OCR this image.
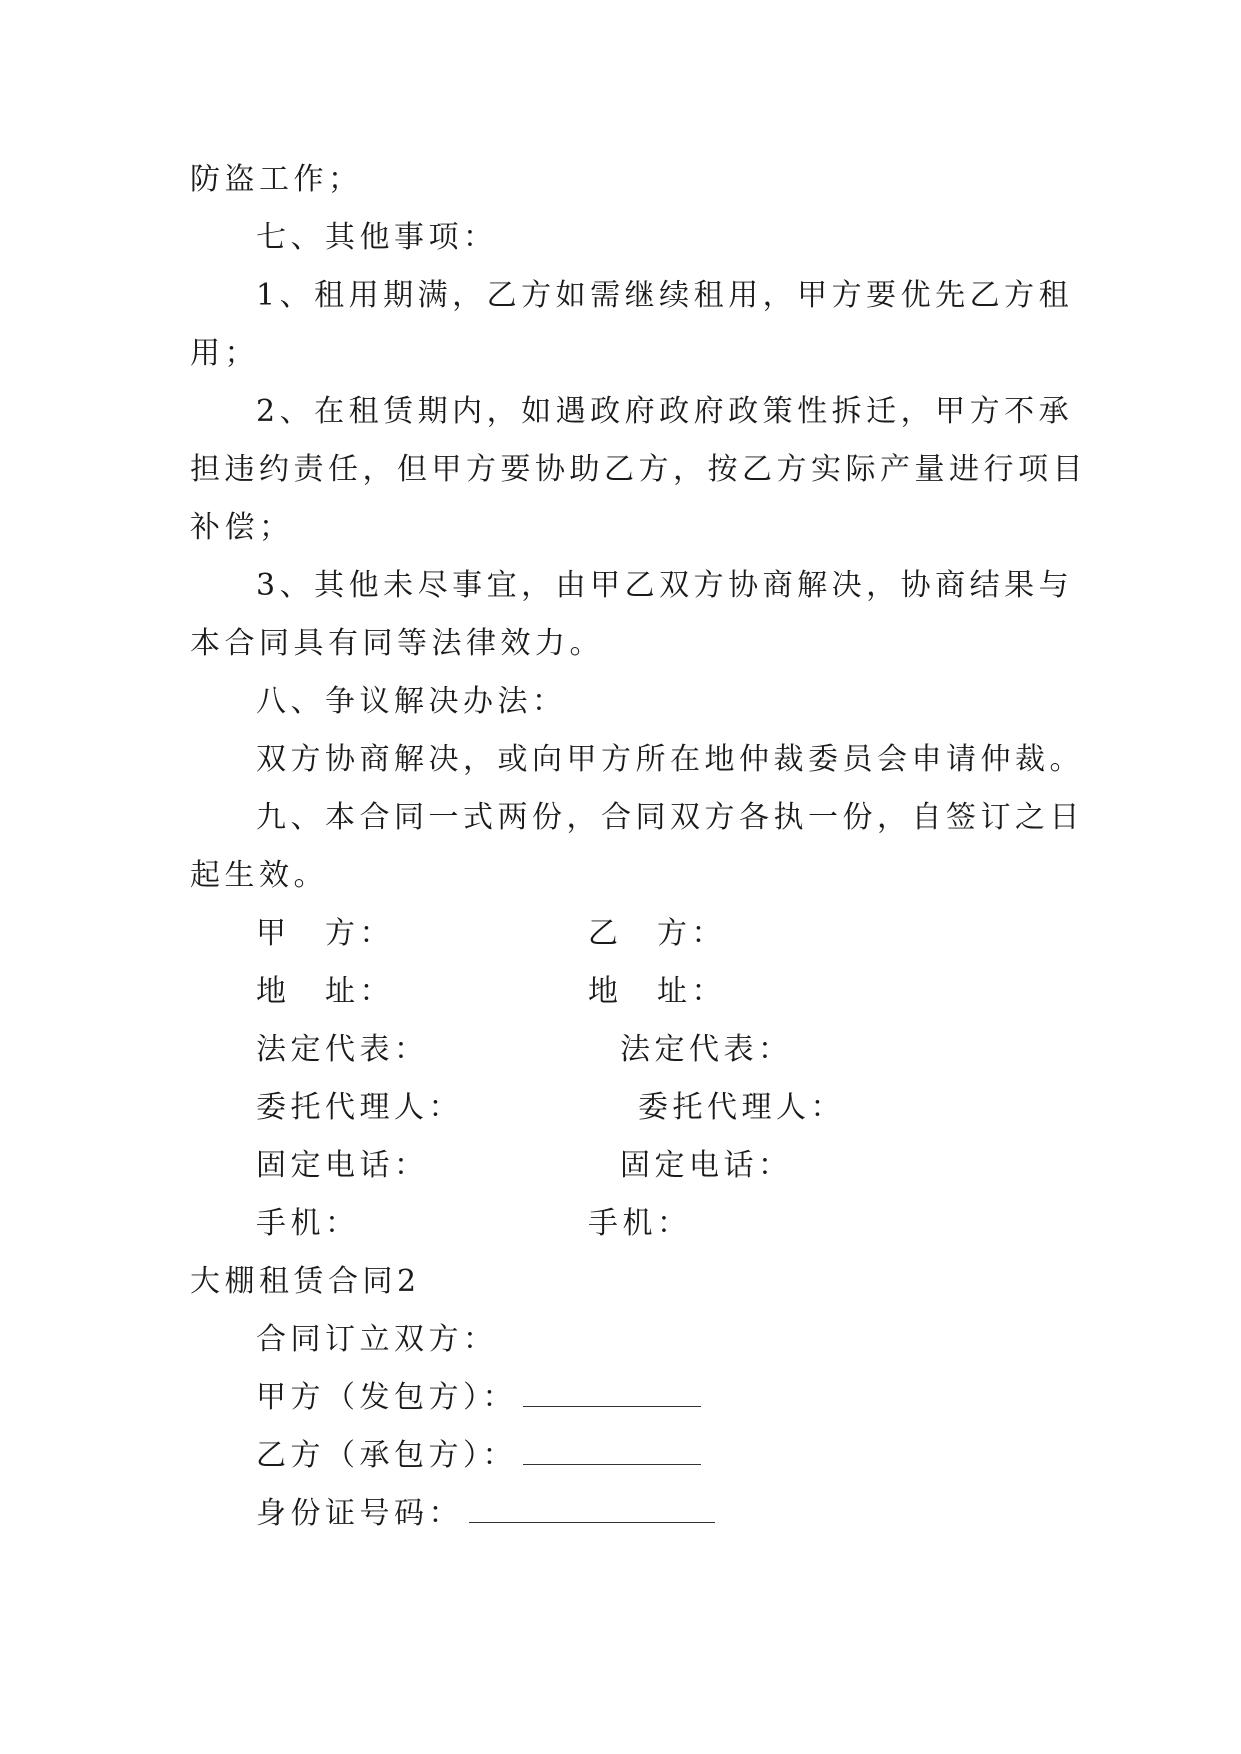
防盗工作；
七、其他事项：
1、租用期满，乙方如需继续租用，甲方要优先乙方租
用；
2、在租赁期内，如遇政府政府政策性拆迁，甲方不承
担违约责任，但甲方要协助乙方，按乙方实际产量进行项目
补偿；
3、其他未尽事宜，由甲乙双方协商解决，协商结果与
本合同具有同等法律效力。
八、争议解决办法：
双方协商解决，或向甲方所在地仲裁委员会申请仲裁。
九、本合同一式两份，合同双方各执一份，自签订之日
起生效。
甲　方：	乙　方：
地　址：	地　址：
法定代表：	法定代表：
委托代理人：	委托代理人：
固定电话：	固定电话：
手机：	手机：
大棚租赁合同2
合同订立双方：
甲方（发包方）：
乙方（承包方）：
身份证号码：
